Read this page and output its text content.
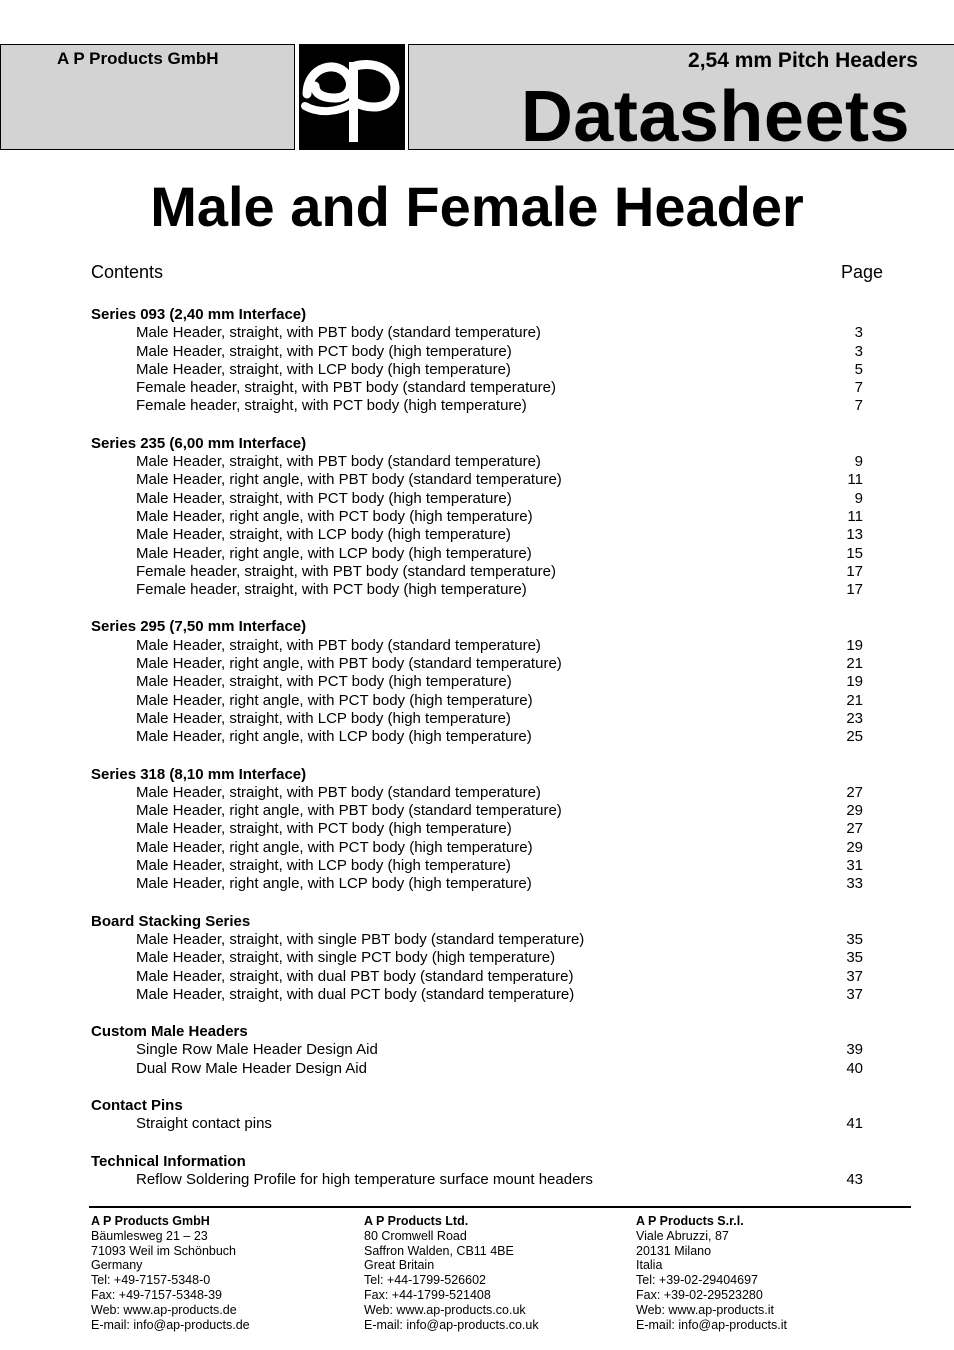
A P Products GmbH	2,54 mm Pitch Headers
Datasheets
Male and Female Header
Contents	Page
Series 093 (2,40 mm Interface)
Male Header, straight, with PBT body (standard temperature)	3
Male Header, straight, with PCT body (high temperature)	3
Male Header, straight, with LCP body (high temperature)	5
Female header, straight, with PBT body (standard temperature)	7
Female header, straight, with PCT body (high temperature)	7
Series 235 (6,00 mm Interface)
Male Header, straight, with PBT body (standard temperature)	9
Male Header, right angle, with PBT body (standard temperature)	11
Male Header, straight, with PCT body (high temperature)	9
Male Header, right angle, with PCT body (high temperature)	11
Male Header, straight, with LCP body (high temperature)	13
Male Header, right angle, with LCP body (high temperature)	15
Female header, straight, with PBT body (standard temperature)	17
Female header, straight, with PCT body (high temperature)	17
Series 295 (7,50 mm Interface)
Male Header, straight, with PBT body (standard temperature)	19
Male Header, right angle, with PBT body (standard temperature)	21
Male Header, straight, with PCT body (high temperature)	19
Male Header, right angle, with PCT body (high temperature)	21
Male Header, straight, with LCP body (high temperature)	23
Male Header, right angle, with LCP body (high temperature)	25
Series 318 (8,10 mm Interface)
Male Header, straight, with PBT body (standard temperature)	27
Male Header, right angle, with PBT body (standard temperature)	29
Male Header, straight, with PCT body (high temperature)	27
Male Header, right angle, with PCT body (high temperature)	29
Male Header, straight, with LCP body (high temperature)	31
Male Header, right angle, with LCP body (high temperature)	33
Board Stacking Series
Male Header, straight, with single PBT body (standard temperature)	35
Male Header, straight, with single PCT body (high temperature)	35
Male Header, straight, with dual PBT body (standard temperature)	37
Male Header, straight, with dual PCT body (standard temperature)	37
Custom Male Headers
Single Row Male Header Design Aid	39
Dual Row Male Header Design Aid	40
Contact Pins
Straight contact pins	41
Technical Information
Reflow Soldering Profile for high temperature surface mount headers	43
A P Products GmbH
Bäumlesweg 21 – 23
71093 Weil im Schönbuch
Germany
Tel: +49-7157-5348-0
Fax: +49-7157-5348-39
Web: www.ap-products.de
E-mail: info@ap-products.de
A P Products Ltd.
80 Cromwell Road
Saffron Walden, CB11 4BE
Great Britain
Tel: +44-1799-526602
Fax: +44-1799-521408
Web: www.ap-products.co.uk
E-mail: info@ap-products.co.uk
A P Products S.r.l.
Viale Abruzzi, 87
20131 Milano
Italia
Tel: +39-02-29404697
Fax: +39-02-29523280
Web: www.ap-products.it
E-mail: info@ap-products.it
